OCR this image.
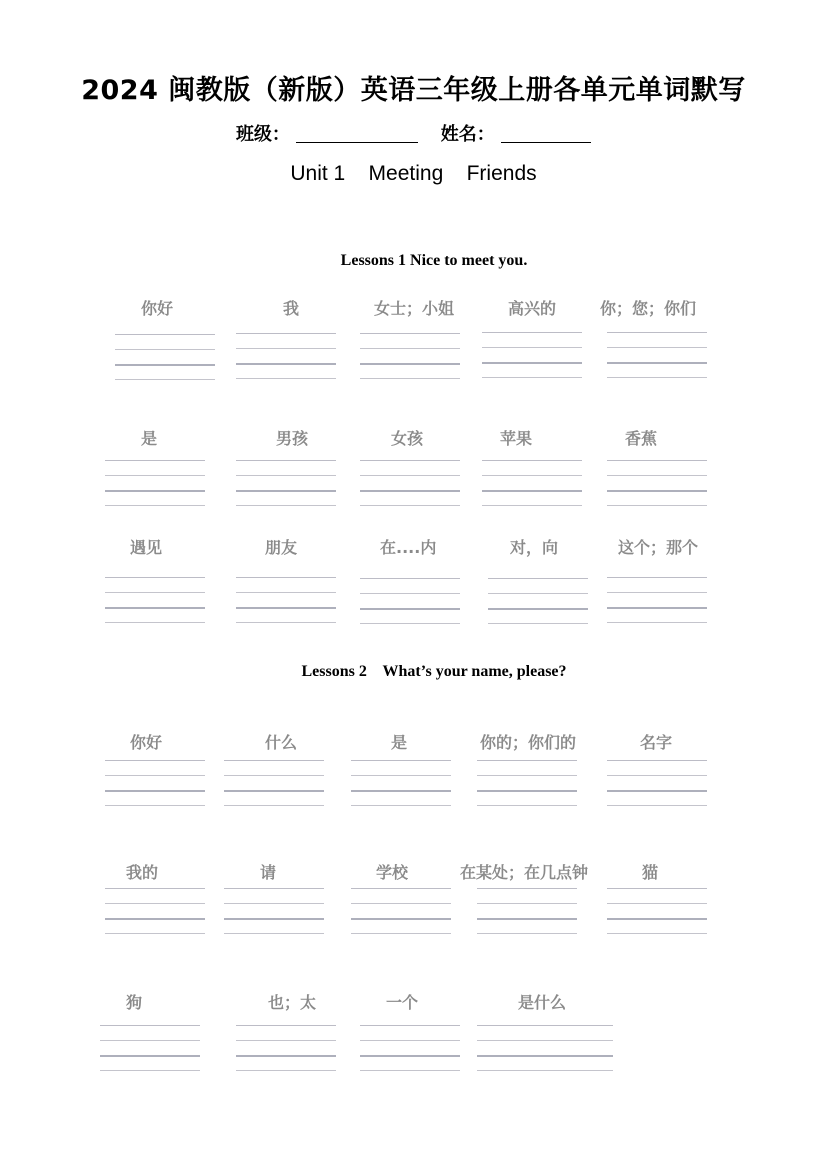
2024 闽教版（新版）英语三年级上册各单元单词默写
班级：	姓名：
Unit 1    Meeting    Friends
Lessons 1 Nice to meet you.
你好	我	女士；小姐	高兴的	你；您；你们
是	男孩	女孩	苹果	香蕉
遇见	朋友	在....内	对，向	这个；那个
Lessons 2    What’s your name, please?
你好	什么	是	你的；你们的	名字
我的	请	学校	在某处；在几点钟	猫
狗	也；太	一个	是什么
